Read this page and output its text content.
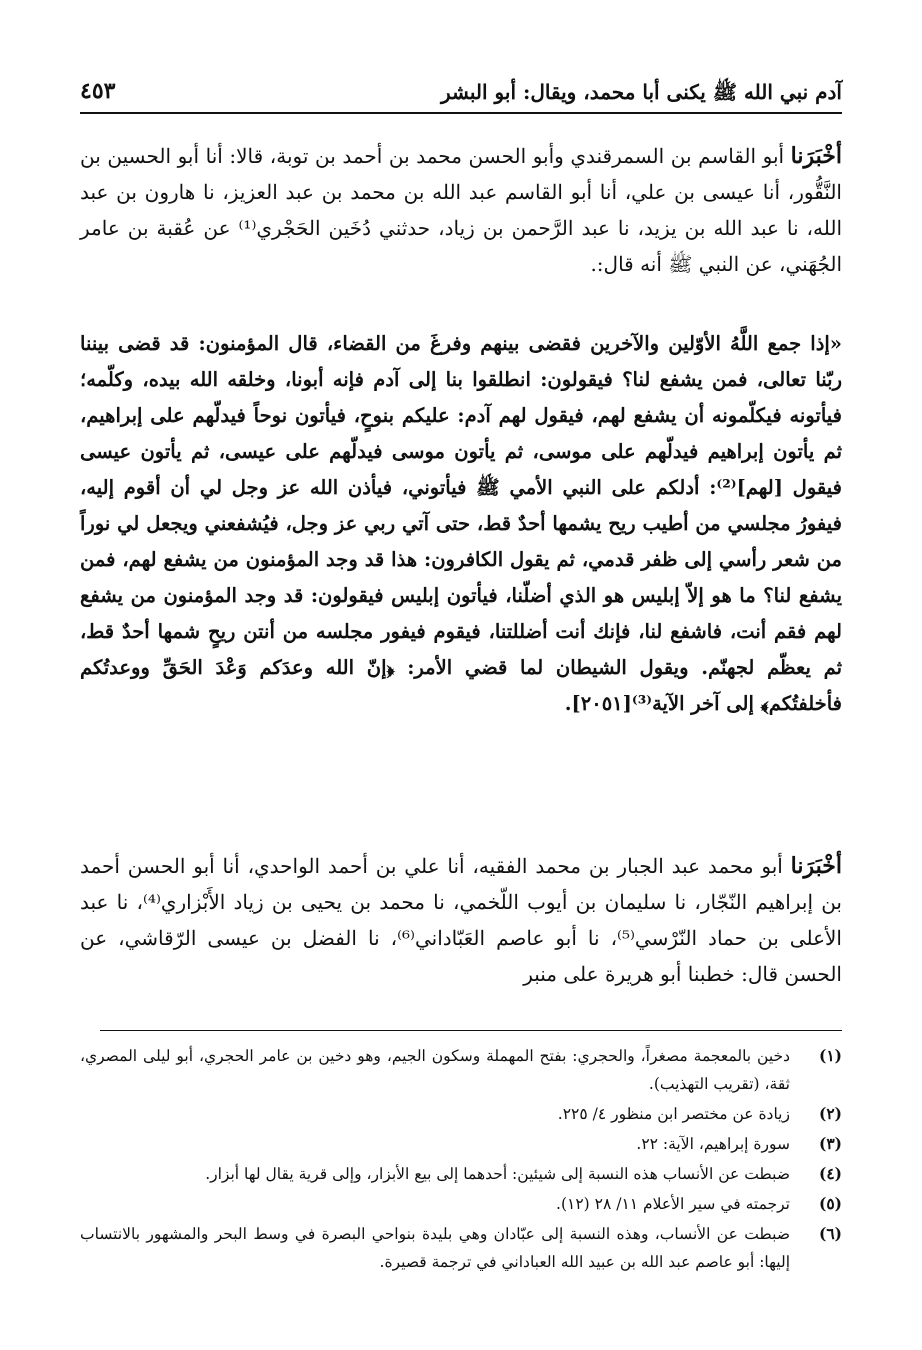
آدم نبي الله ﷺ يكنى أبا محمد، ويقال: أبو البشر
٤٥٣

أخْبَرَنا أبو القاسم بن السمرقندي وأبو الحسن محمد بن أحمد بن توبة، قالا: أنا أبو الحسين بن النَّقُّور، أنا عيسى بن علي، أنا أبو القاسم عبد الله بن محمد بن عبد العزيز، نا هارون بن عبد الله، نا عبد الله بن يزيد، نا عبد الرَّحمن بن زياد، حدثني دُخَين الحَجْري⁽¹⁾ عن عُقبة بن عامر الجُهَني، عن النبي ﷺ أنه قال:.

«إذا جمع اللَّهُ الأوّلين والآخرين فقضى بينهم وفرغَ من القضاء، قال المؤمنون: قد قضى بيننا ربّنا تعالى، فمن يشفع لنا؟ فيقولون: انطلقوا بنا إلى آدم فإنه أبونا، وخلقه الله بيده، وكلّمه؛ فيأتونه فيكلّمونه أن يشفع لهم، فيقول لهم آدم: عليكم بنوحٍ، فيأتون نوحاً فيدلّهم على إبراهيم، ثم يأتون إبراهيم فيدلّهم على موسى، ثم يأتون موسى فيدلّهم على عيسى، ثم يأتون عيسى فيقول [لهم]⁽²⁾: أدلكم على النبي الأمي ﷺ فيأتوني، فيأذن الله عز وجل لي أن أقوم إليه، فيفورُ مجلسي من أطيب ريح يشمها أحدٌ قط، حتى آتي ربي عز وجل، فيُشفعني ويجعل لي نوراً من شعر رأسي إلى ظفر قدمي، ثم يقول الكافرون: هذا قد وجد المؤمنون من يشفع لهم، فمن يشفع لنا؟ ما هو إلاّ إبليس هو الذي أضلّنا، فيأتون إبليس فيقولون: قد وجد المؤمنون من يشفع لهم فقم أنت، فاشفع لنا، فإنك أنت أضللتنا، فيقوم فيفور مجلسه من أنتن ريحٍ شمها أحدٌ قط، ثم يعظّم لجهنّم. ويقول الشيطان لما قضي الأمر: ﴿إنّ الله وعدَكم وَعْدَ الحَقِّ ووعدتُكم فأخلفتُكم﴾ إلى آخر الآية⁽³⁾[٢٠٥١].

أخْبَرَنا أبو محمد عبد الجبار بن محمد الفقيه، أنا علي بن أحمد الواحدي، أنا أبو الحسن أحمد بن إبراهيم النّجّار، نا سليمان بن أيوب اللّخمي، نا محمد بن يحيى بن زياد الأَبْزاري⁽⁴⁾، نا عبد الأعلى بن حماد النّرْسي⁽⁵⁾، نا أبو عاصم العَبّاداني⁽⁶⁾، نا الفضل بن عيسى الرّقاشي، عن الحسن قال: خطبنا أبو هريرة على منبر

(١)
دخين بالمعجمة مصغراً، والحجري: بفتح المهملة وسكون الجيم، وهو دخين بن عامر الحجري، أبو ليلى المصري، ثقة، (تقريب التهذيب).
(٢)
زيادة عن مختصر ابن منظور ٤/ ٢٢٥.
(٣)
سورة إبراهيم، الآية: ٢٢.
(٤)
ضبطت عن الأنساب هذه النسبة إلى شيئين: أحدهما إلى بيع الأبزار، وإلى قرية يقال لها أبزار.
(٥)
ترجمته في سير الأعلام ١١/ ٢٨ (١٢).
(٦)
ضبطت عن الأنساب، وهذه النسبة إلى عبّادان وهي بليدة بنواحي البصرة في وسط البحر والمشهور بالانتساب إليها: أبو عاصم عبد الله بن عبيد الله العباداني في ترجمة قصيرة.
